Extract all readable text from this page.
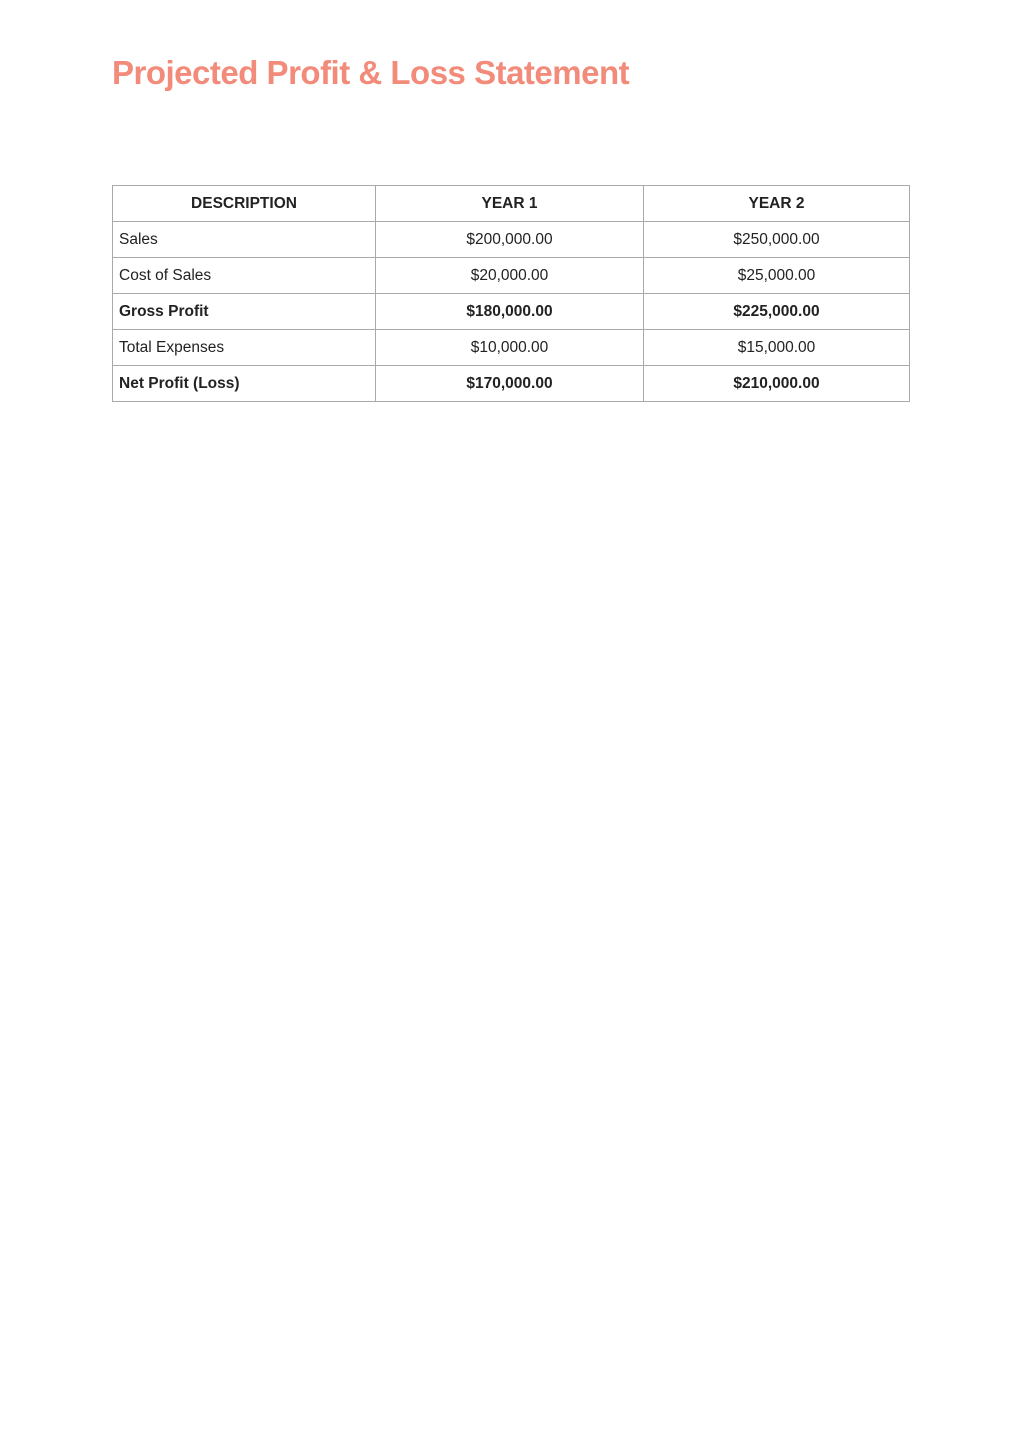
Projected Profit & Loss Statement
DESCRIPTION	YEAR 1	YEAR 2
Sales	$200,000.00	$250,000.00
Cost of Sales	$20,000.00	$25,000.00
Gross Profit	$180,000.00	$225,000.00
Total Expenses	$10,000.00	$15,000.00
Net Profit (Loss)	$170,000.00	$210,000.00
